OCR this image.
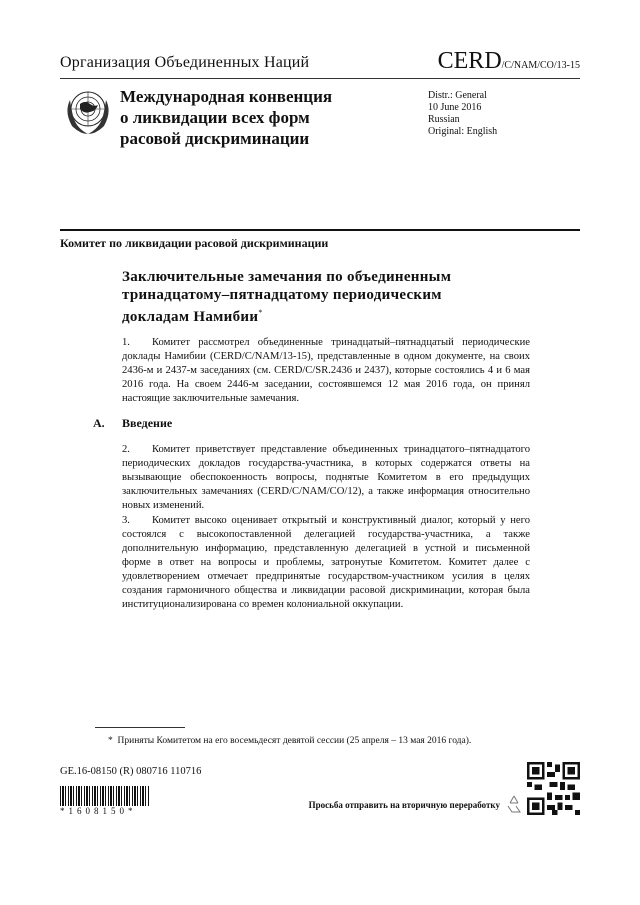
Организация Объединенных Наций	CERD/C/NAM/CO/13-15
Международная конвенция
о ликвидации всех форм
расовой дискриминации
Distr.: General
10 June 2016
Russian
Original: English
Комитет по ликвидации расовой дискриминации
Заключительные замечания по объединенным
тринадцатому–пятнадцатому периодическим
докладам Намибии*
1. Комитет рассмотрел объединенные тринадцатый–пятнадцатый периодические доклады Намибии (CERD/C/NAM/13-15), представленные в одном документе, на своих 2436-м и 2437-м заседаниях (см. CERD/C/SR.2436 и 2437), которые состоялись 4 и 6 мая 2016 года. На своем 2446-м заседании, состоявшемся 12 мая 2016 года, он принял настоящие заключительные замечания.
A. Введение
2. Комитет приветствует представление объединенных тринадцатого–пятнадцатого периодических докладов государства-участника, в которых содержатся ответы на вызывающие обеспокоенность вопросы, поднятые Комитетом в его предыдущих заключительных замечаниях (CERD/C/NAM/CO/12), а также информация относительно новых изменений.
3. Комитет высоко оценивает открытый и конструктивный диалог, который у него состоялся с высокопоставленной делегацией государства-участника, а также дополнительную информацию, представленную делегацией в устной и письменной форме в ответ на вопросы и проблемы, затронутые Комитетом. Комитет далее с удовлетворением отмечает предпринятые государством-участником усилия в целях создания гармоничного общества и ликвидации расовой дискриминации, которая была институционализирована со времен колониальной оккупации.
* Приняты Комитетом на его восемьдесят девятой сессии (25 апреля – 13 мая 2016 года).
GE.16-08150 (R) 080716 110716
*1608150*
Просьба отправить на вторичную переработку
